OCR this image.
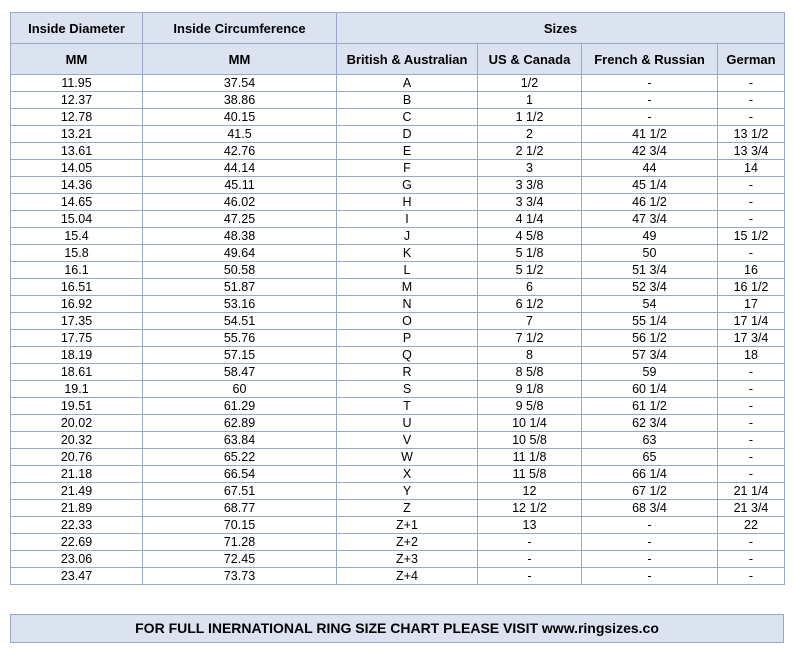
Inside Diameter	Inside Circumference	Sizes			
MM	MM	British & Australian	US & Canada	French & Russian	German
11.95	37.54	A	1/2	-	-
12.37	38.86	B	1	-	-
12.78	40.15	C	1 1/2	-	-
13.21	41.5	D	2	41 1/2	13 1/2
13.61	42.76	E	2 1/2	42 3/4	13 3/4
14.05	44.14	F	3	44	14
14.36	45.11	G	3 3/8	45 1/4	-
14.65	46.02	H	3 3/4	46 1/2	-
15.04	47.25	I	4 1/4	47 3/4	-
15.4	48.38	J	4 5/8	49	15 1/2
15.8	49.64	K	5 1/8	50	-
16.1	50.58	L	5 1/2	51 3/4	16
16.51	51.87	M	6	52 3/4	16 1/2
16.92	53.16	N	6 1/2	54	17
17.35	54.51	O	7	55 1/4	17 1/4
17.75	55.76	P	7 1/2	56 1/2	17 3/4
18.19	57.15	Q	8	57 3/4	18
18.61	58.47	R	8 5/8	59	-
19.1	60	S	9 1/8	60 1/4	-
19.51	61.29	T	9 5/8	61 1/2	-
20.02	62.89	U	10 1/4	62 3/4	-
20.32	63.84	V	10 5/8	63	-
20.76	65.22	W	11 1/8	65	-
21.18	66.54	X	11 5/8	66 1/4	-
21.49	67.51	Y	12	67 1/2	21 1/4
21.89	68.77	Z	12 1/2	68 3/4	21 3/4
22.33	70.15	Z+1	13	-	22
22.69	71.28	Z+2	-	-	-
23.06	72.45	Z+3	-	-	-
23.47	73.73	Z+4	-	-	-
FOR FULL INERNATIONAL RING SIZE CHART PLEASE VISIT www.ringsizes.co
